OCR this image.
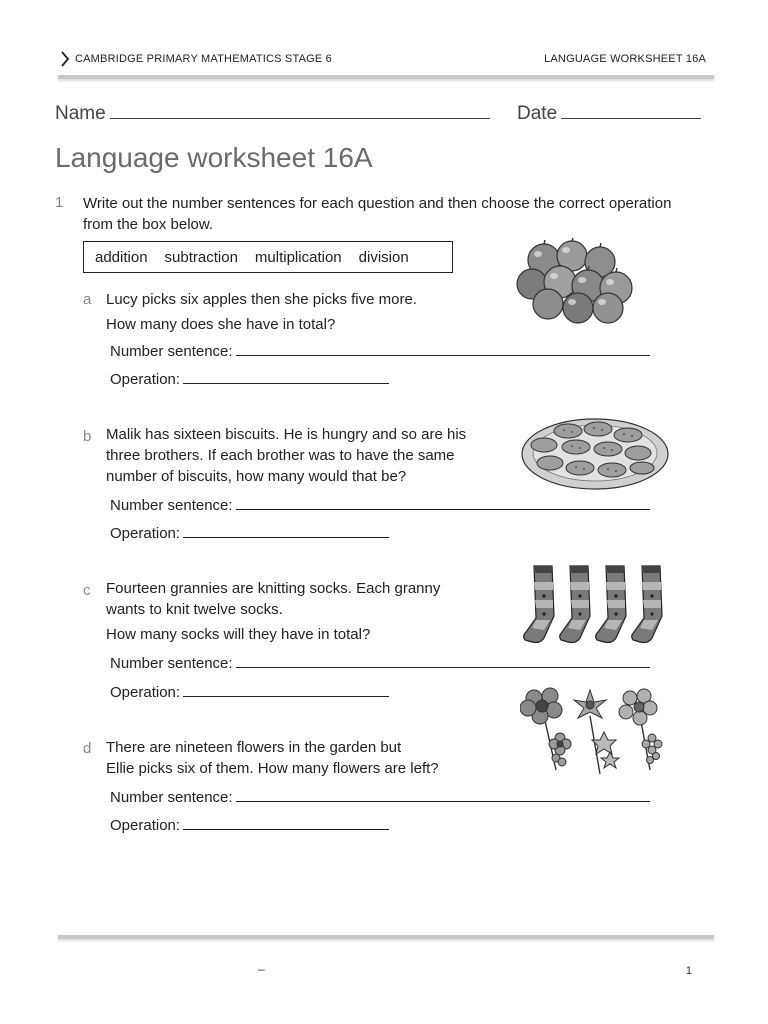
CAMBRIDGE PRIMARY MATHEMATICS STAGE 6	LANGUAGE WORKSHEET 16A
Name	Date
Language worksheet 16A
1 Write out the number sentences for each question and then choose the correct operation from the box below.
addition subtraction multiplication division
a Lucy picks six apples then she picks five more.
How many does she have in total?
Number sentence:
Operation:
b Malik has sixteen biscuits. He is hungry and so are his
three brothers. If each brother was to have the same
number of biscuits, how many would that be?
Number sentence:
Operation:
c Fourteen grannies are knitting socks. Each granny
wants to knit twelve socks.
How many socks will they have in total?
Number sentence:
Operation:
d There are nineteen flowers in the garden but
Ellie picks six of them. How many flowers are left?
Number sentence:
Operation:
–	1
